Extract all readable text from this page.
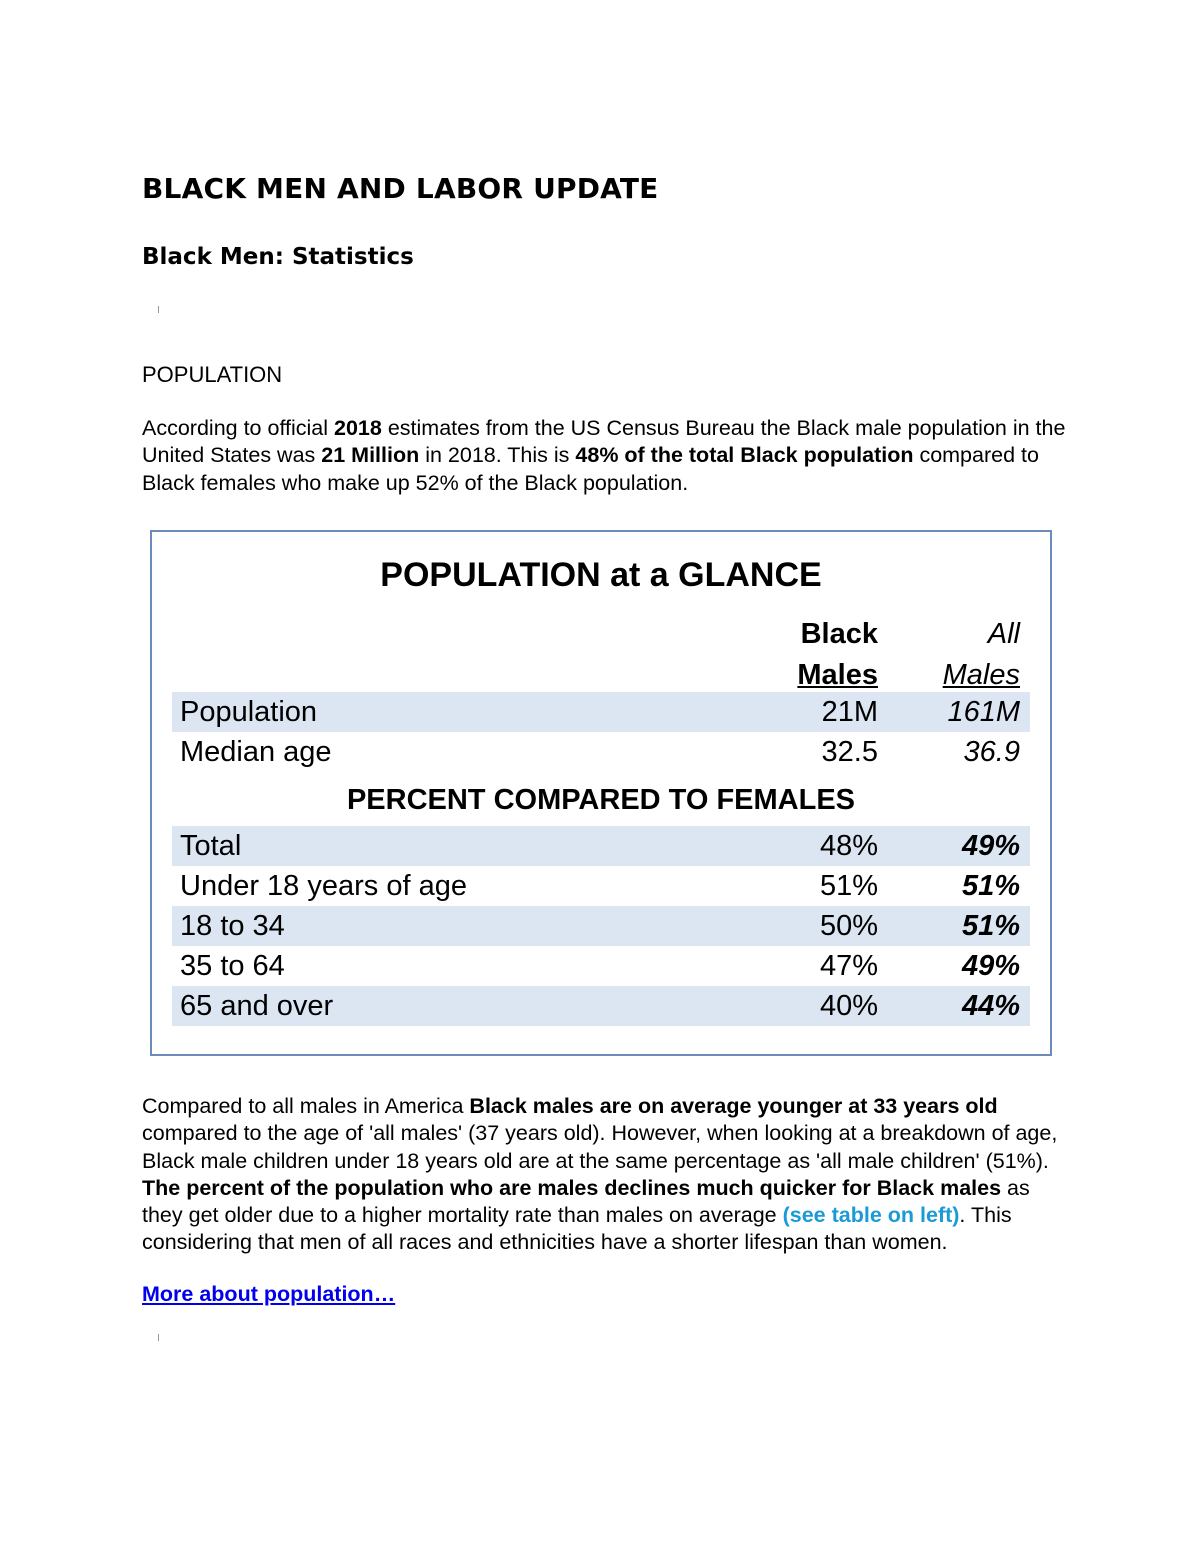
BLACK MEN AND LABOR UPDATE
Black Men: Statistics

POPULATION

According to official 2018 estimates from the US Census Bureau the Black male population in the United States was 21 Million in 2018. This is 48% of the total Black population compared to Black females who make up 52% of the Black population.

POPULATION at a GLANCE

Black
Males
All
Males
Population	21M 161M
Median age	32.5	36.9

PERCENT COMPARED TO FEMALES

Total	48%	49%
Under 18 years of age	51%	51%
18 to 34	50%	51%
35 to 64	47%	49%
65 and over	40%	44%

Compared to all males in America Black males are on average younger at 33 years old compared to the age of 'all males' (37 years old). However, when looking at a breakdown of age, Black male children under 18 years old are at the same percentage as 'all male children' (51%). The percent of the population who are males declines much quicker for Black males as they get older due to a higher mortality rate than males on average (see table on left). This considering that men of all races and ethnicities have a shorter lifespan than women.

More about population…
